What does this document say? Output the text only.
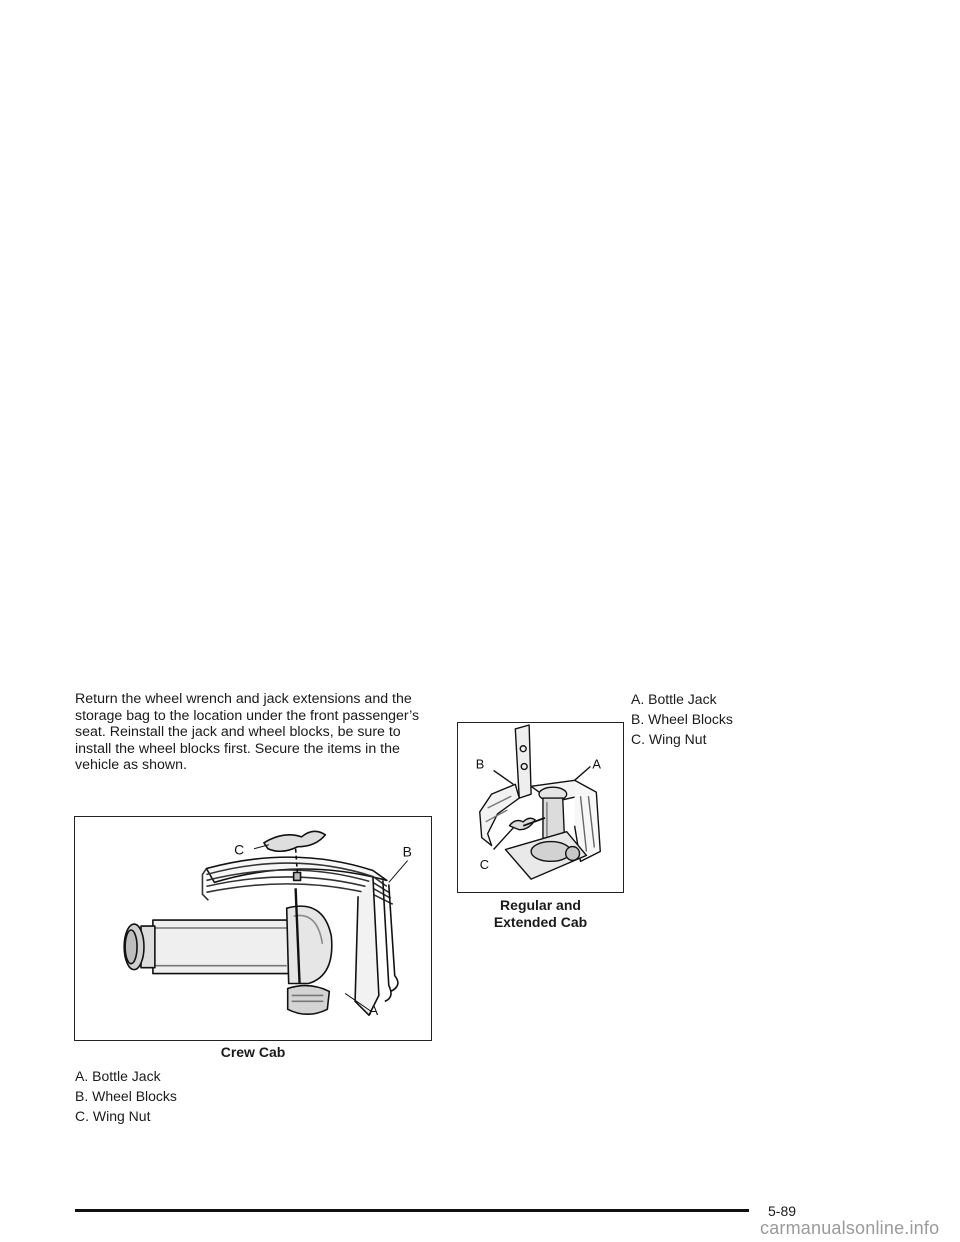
Return the wheel wrench and jack extensions and the storage bag to the location under the front passenger’s seat. Reinstall the jack and wheel blocks, be sure to install the wheel blocks first. Secure the items in the vehicle as shown.

C	B
A
Crew Cab
B	A
C
Regular and
Extended Cab
A. Bottle Jack
B. Wheel Blocks
C. Wing Nut
A. Bottle Jack
B. Wheel Blocks
C. Wing Nut
5-89
carmanualsonline.info
